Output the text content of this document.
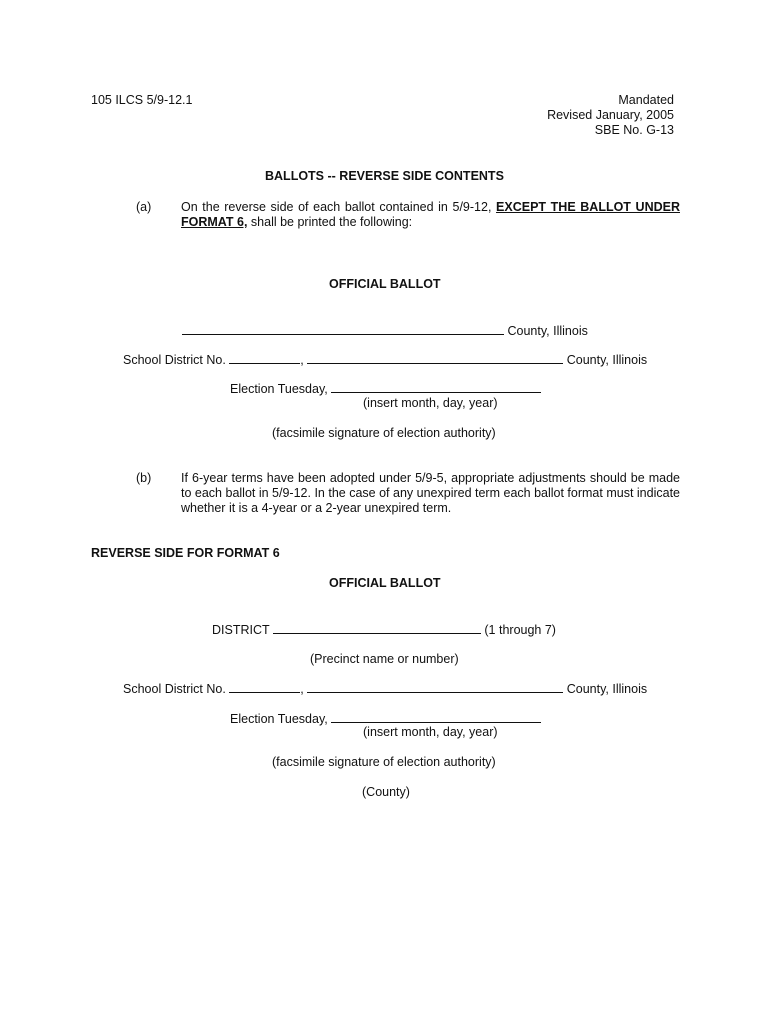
105 ILCS 5/9-12.1	Mandated
Revised January, 2005
SBE No. G-13
BALLOTS -- REVERSE SIDE CONTENTS
(a) On the reverse side of each ballot contained in 5/9-12, EXCEPT THE BALLOT UNDER FORMAT 6, shall be printed the following:
OFFICIAL BALLOT
County, Illinois
School District No.	,	County, Illinois
Election Tuesday,
(insert month, day, year)
(facsimile signature of election authority)
(b) If 6-year terms have been adopted under 5/9-5, appropriate adjustments should be made to each ballot in 5/9-12. In the case of any unexpired term each ballot format must indicate whether it is a 4-year or a 2-year unexpired term.
REVERSE SIDE FOR FORMAT 6
OFFICIAL BALLOT
DISTRICT	(1 through 7)
(Precinct name or number)
School District No.	,	County, Illinois
Election Tuesday,
(insert month, day, year)
(facsimile signature of election authority)
(County)
